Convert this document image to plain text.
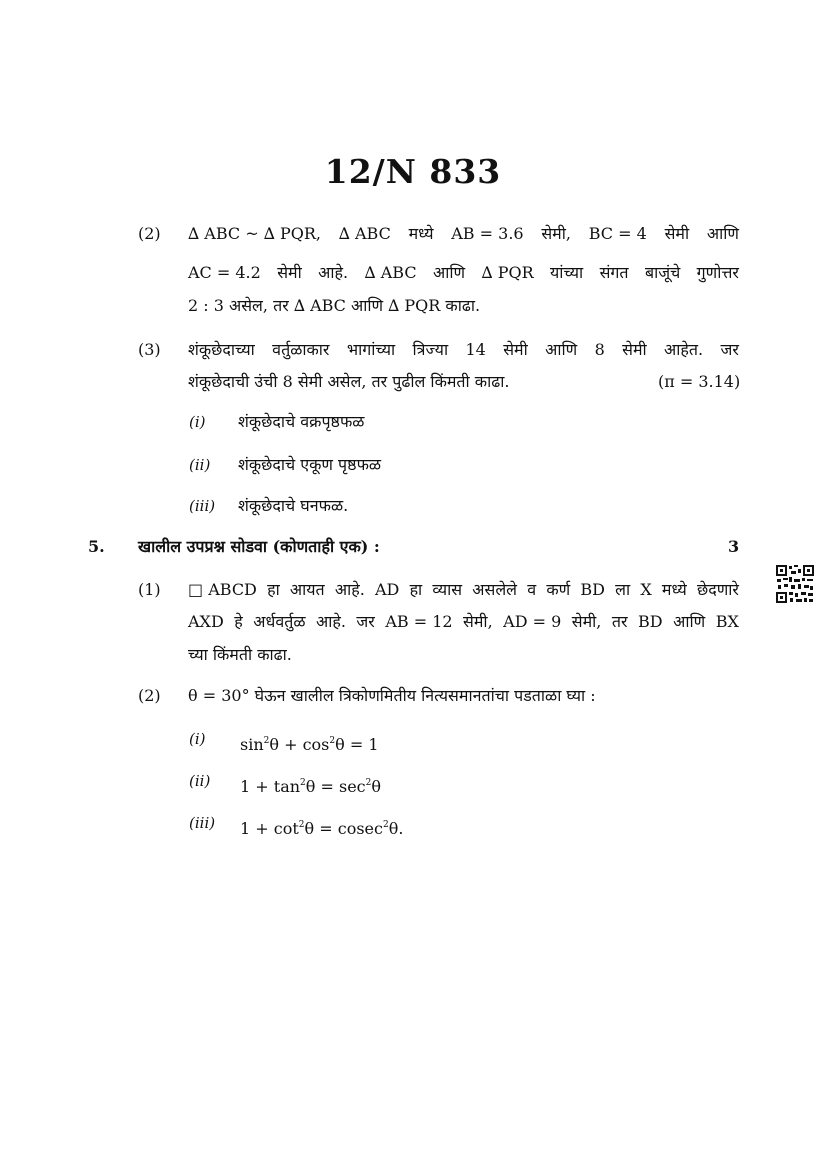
12/N 833
(2) ∆ ABC ~ ∆ PQR, ∆ ABC मध्ये AB = 3.6 सेमी, BC = 4 सेमी आणि
AC = 4.2 सेमी आहे. ∆ ABC आणि ∆ PQR यांच्या संगत बाजूंचे गुणोत्तर
2 : 3 असेल, तर ∆ ABC आणि ∆ PQR काढा.
(3) शंकूछेदाच्या वर्तुळाकार भागांच्या त्रिज्या 14 सेमी आणि 8 सेमी आहेत. जर
शंकूछेदाची उंची 8 सेमी असेल, तर पुढील किंमती काढा.	(π = 3.14)
(i) शंकूछेदाचे वक्रपृष्ठफळ
(ii) शंकूछेदाचे एकूण पृष्ठफळ
(iii) शंकूछेदाचे घनफळ.
5. खालील उपप्रश्न सोडवा (कोणताही एक) :	3
(1) □ ABCD हा आयत आहे. AD हा व्यास असलेले व कर्ण BD ला X मध्ये छेदणारे
AXD हे अर्धवर्तुळ आहे. जर AB = 12 सेमी, AD = 9 सेमी, तर BD आणि BX
च्या किंमती काढा.
(2) θ = 30° घेऊन खालील त्रिकोणमितीय नित्यसमानतांचा पडताळा घ्या :
(i) $\sin^2\theta + \cos^2\theta = 1$
(ii) $1 + \tan^2\theta = \sec^2\theta$
(iii) $1 + \cot^2\theta = cosec^2\theta$.
